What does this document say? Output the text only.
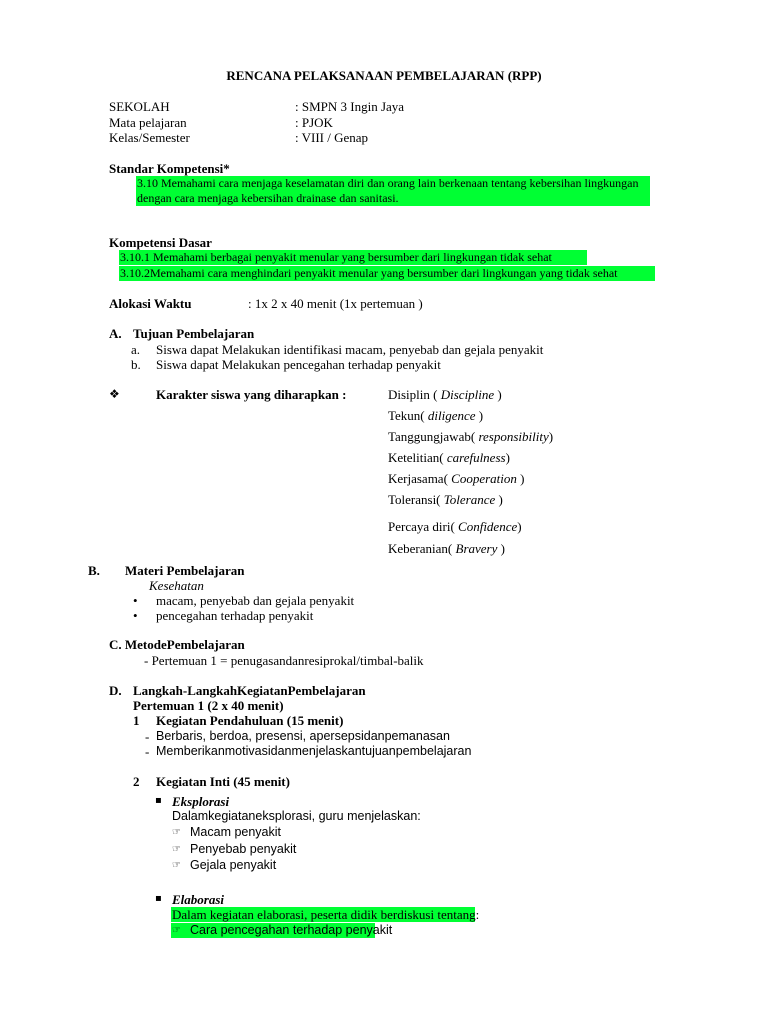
RENCANA PELAKSANAAN PEMBELAJARAN (RPP)
SEKOLAH	: SMPN 3 Ingin Jaya
Mata pelajaran	: PJOK
Kelas/Semester	: VIII / Genap
Standar Kompetensi*
3.10 Memahami cara menjaga keselamatan diri dan orang lain berkenaan tentang kebersihan lingkungan
dengan cara menjaga kebersihan drainase dan sanitasi.
Kompetensi Dasar
3.10.1 Memahami berbagai penyakit menular yang bersumber dari lingkungan tidak sehat
3.10.2Memahami cara menghindari penyakit menular yang bersumber dari lingkungan yang tidak sehat
Alokasi Waktu	: 1x 2 x 40 menit (1x pertemuan )
A. Tujuan Pembelajaran
a. Siswa dapat Melakukan identifikasi macam, penyebab dan gejala penyakit
b. Siswa dapat Melakukan pencegahan terhadap penyakit
❖	Karakter siswa yang diharapkan :	Disiplin ( Discipline )
Tekun( diligence )
Tanggungjawab( responsibility)
Ketelitian( carefulness)
Kerjasama( Cooperation )
Toleransi( Tolerance )
Percaya diri( Confidence)
Keberanian( Bravery )
B. Materi Pembelajaran
Kesehatan
• macam, penyebab dan gejala penyakit
• pencegahan terhadap penyakit
C. MetodePembelajaran
- Pertemuan 1 = penugasandanresiprokal/timbal-balik
D. Langkah-LangkahKegiatanPembelajaran
Pertemuan 1 (2 x 40 menit)
1 Kegiatan Pendahuluan (15 menit)
- Berbaris, berdoa, presensi, apersepsidanpemanasan
- Memberikanmotivasidanmenjelaskantujuanpembelajaran
2 Kegiatan Inti (45 menit)
▪ Eksplorasi
Dalamkegiataneksplorasi, guru menjelaskan:
☞ Macam penyakit
☞ Penyebab penyakit
☞ Gejala penyakit
▪ Elaborasi
Dalam kegiatan elaborasi, peserta didik berdiskusi tentang:
☞ Cara pencegahan terhadap penyakit
